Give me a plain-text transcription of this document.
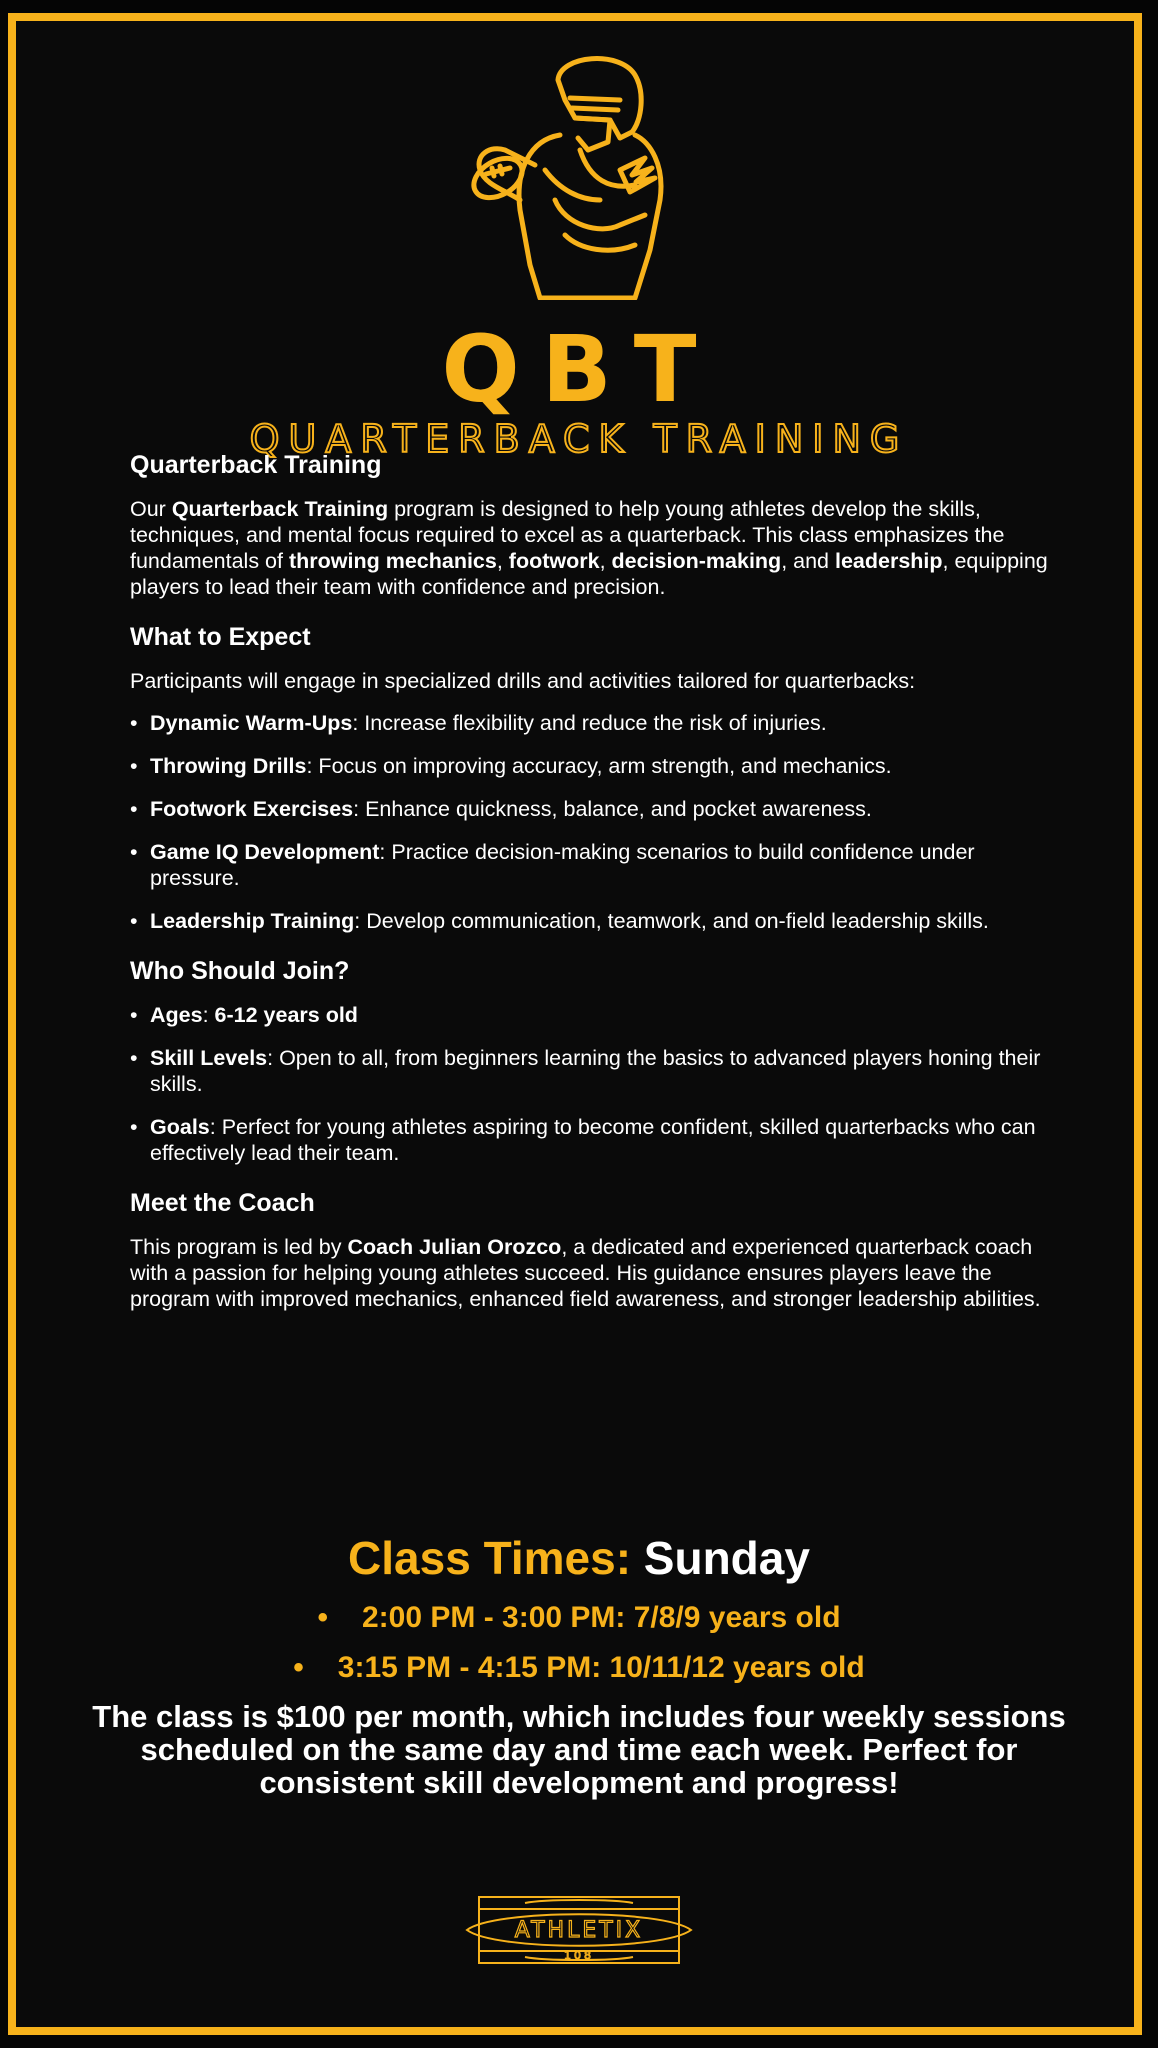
QBT
QUARTERBACK TRAINING
Quarterback Training

Our Quarterback Training program is designed to help young athletes develop the skills, techniques, and mental focus required to excel as a quarterback. This class emphasizes the fundamentals of throwing mechanics, footwork, decision-making, and leadership, equipping players to lead their team with confidence and precision.

What to Expect

Participants will engage in specialized drills and activities tailored for quarterbacks:

• Dynamic Warm-Ups: Increase flexibility and reduce the risk of injuries.
• Throwing Drills: Focus on improving accuracy, arm strength, and mechanics.
• Footwork Exercises: Enhance quickness, balance, and pocket awareness.
• Game IQ Development: Practice decision-making scenarios to build confidence under pressure.
• Leadership Training: Develop communication, teamwork, and on-field leadership skills.
Who Should Join?
• Ages: 6-12 years old
• Skill Levels: Open to all, from beginners learning the basics to advanced players honing their skills.
• Goals: Perfect for young athletes aspiring to become confident, skilled quarterbacks who can effectively lead their team.
Meet the Coach

This program is led by Coach Julian Orozco, a dedicated and experienced quarterback coach with a passion for helping young athletes succeed. His guidance ensures players leave the program with improved mechanics, enhanced field awareness, and stronger leadership abilities.

Class Times: Sunday
• 2:00 PM - 3:00 PM: 7/8/9 years old
• 3:15 PM - 4:15 PM: 10/11/12 years old
The class is $100 per month, which includes four weekly sessions scheduled on the same day and time each week. Perfect for consistent skill development and progress!
ATHLETIX
108
